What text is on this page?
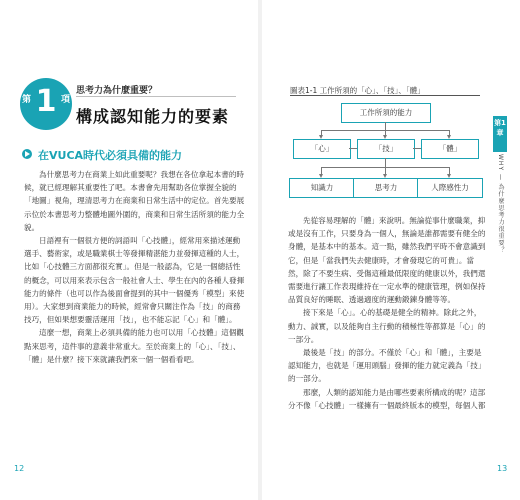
第 1 項
思考力為什麼重要？
構成認知能力的要素
在VUCA時代必須具備的能力

為什麼思考力在商業上如此重要呢？我想在各位拿起本書的時候，就已經理解其重要性了吧。本書會先用幫助各位掌握全貌的「地圖」視角，理清思考力在商業和日常生活中的定位。首先要展示位於本書思考力整體地圖外圍的，商業和日常生活所須的能力全貌。

日語裡有一個很方便的詞語叫「心技體」，經常用來描述運動選手、藝術家，或是職業棋士等發揮精湛能力並發揮這種的人士，比如「心技體三方面都很充實」。但是一般認為，它是一個總括性的概念，可以用來表示包含一般社會人士、學生在內的各種人發揮能力的條件（也可以作為後面會提到的其中一個優秀「模型」來使用）。大家想到商業能力的時候，經常會只關注作為「技」的商務技巧，但如果想要靈活運用「技」，也不能忘記「心」和「體」。

這麼一想，商業上必須具備的能力也可以用「心技體」這個觀點來思考，這件事的意義非常重大。至於商業上的「心」、「技」、「體」是什麼？接下來就讓我們來一個一個看看吧。

12
圖表1-1 工作所須的「心」、「技」、「體」
工作所須的能力
「心」	「技」	「體」
知識力	思考力	人際感性力

先從容易理解的「體」來說明。無論從事什麼職業，抑或是沒有工作，只要身為一個人，無論是誰都需要有健全的身體，是基本中的基本。這一點，雖然我們平時不會意識到它，但是「當我們失去健康時，才會發現它的可貴」。當然，除了不要生病、受傷這種最低限度的健康以外，我們還需要進行讓工作表現維持在一定水準的健康管理，例如保持品質良好的睡眠、透過適度的運動鍛鍊身體等等。

接下來是「心」。心的基礎是健全的精神。除此之外，動力、誠實，以及能夠自主行動的積極性等都算是「心」的一部分。

最後是「技」的部分。不僅於「心」和「體」，主要是認知能力，也就是「運用頭腦」發揮的能力就定義為「技」的一部分。

那麼，人類的認知能力是由哪些要素所構成的呢？這部分不像「心技體」一樣擁有一個最終版本的模型，每個人都

第1章
WHY — 為什麼思考力很重要？
13
